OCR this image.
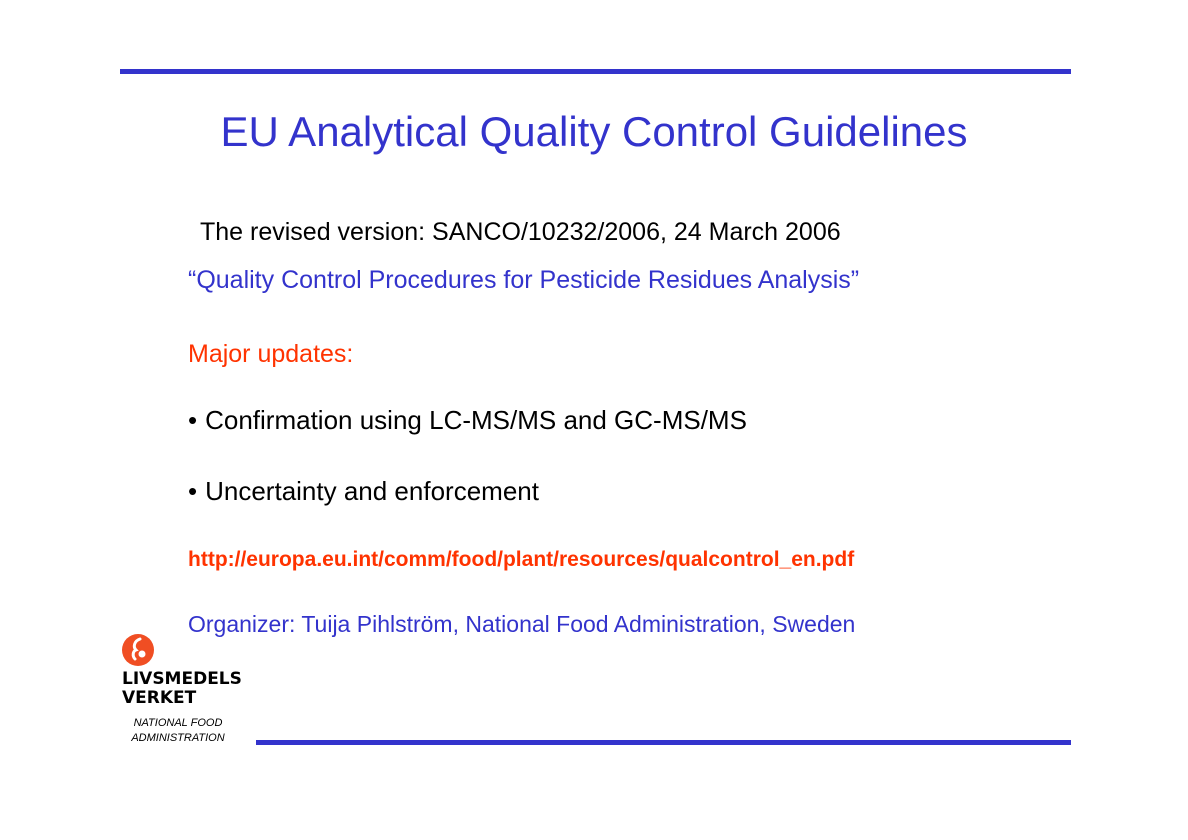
EU Analytical Quality Control Guidelines
The revised version: SANCO/10232/2006, 24 March 2006
“Quality Control Procedures for Pesticide Residues Analysis”
Major updates:
• Confirmation using LC-MS/MS and GC-MS/MS
• Uncertainty and enforcement
http://europa.eu.int/comm/food/plant/resources/qualcontrol_en.pdf
Organizer: Tuija Pihlström, National Food Administration, Sweden
LIVSMEDELS
VERKET
NATIONAL FOOD
ADMINISTRATION
